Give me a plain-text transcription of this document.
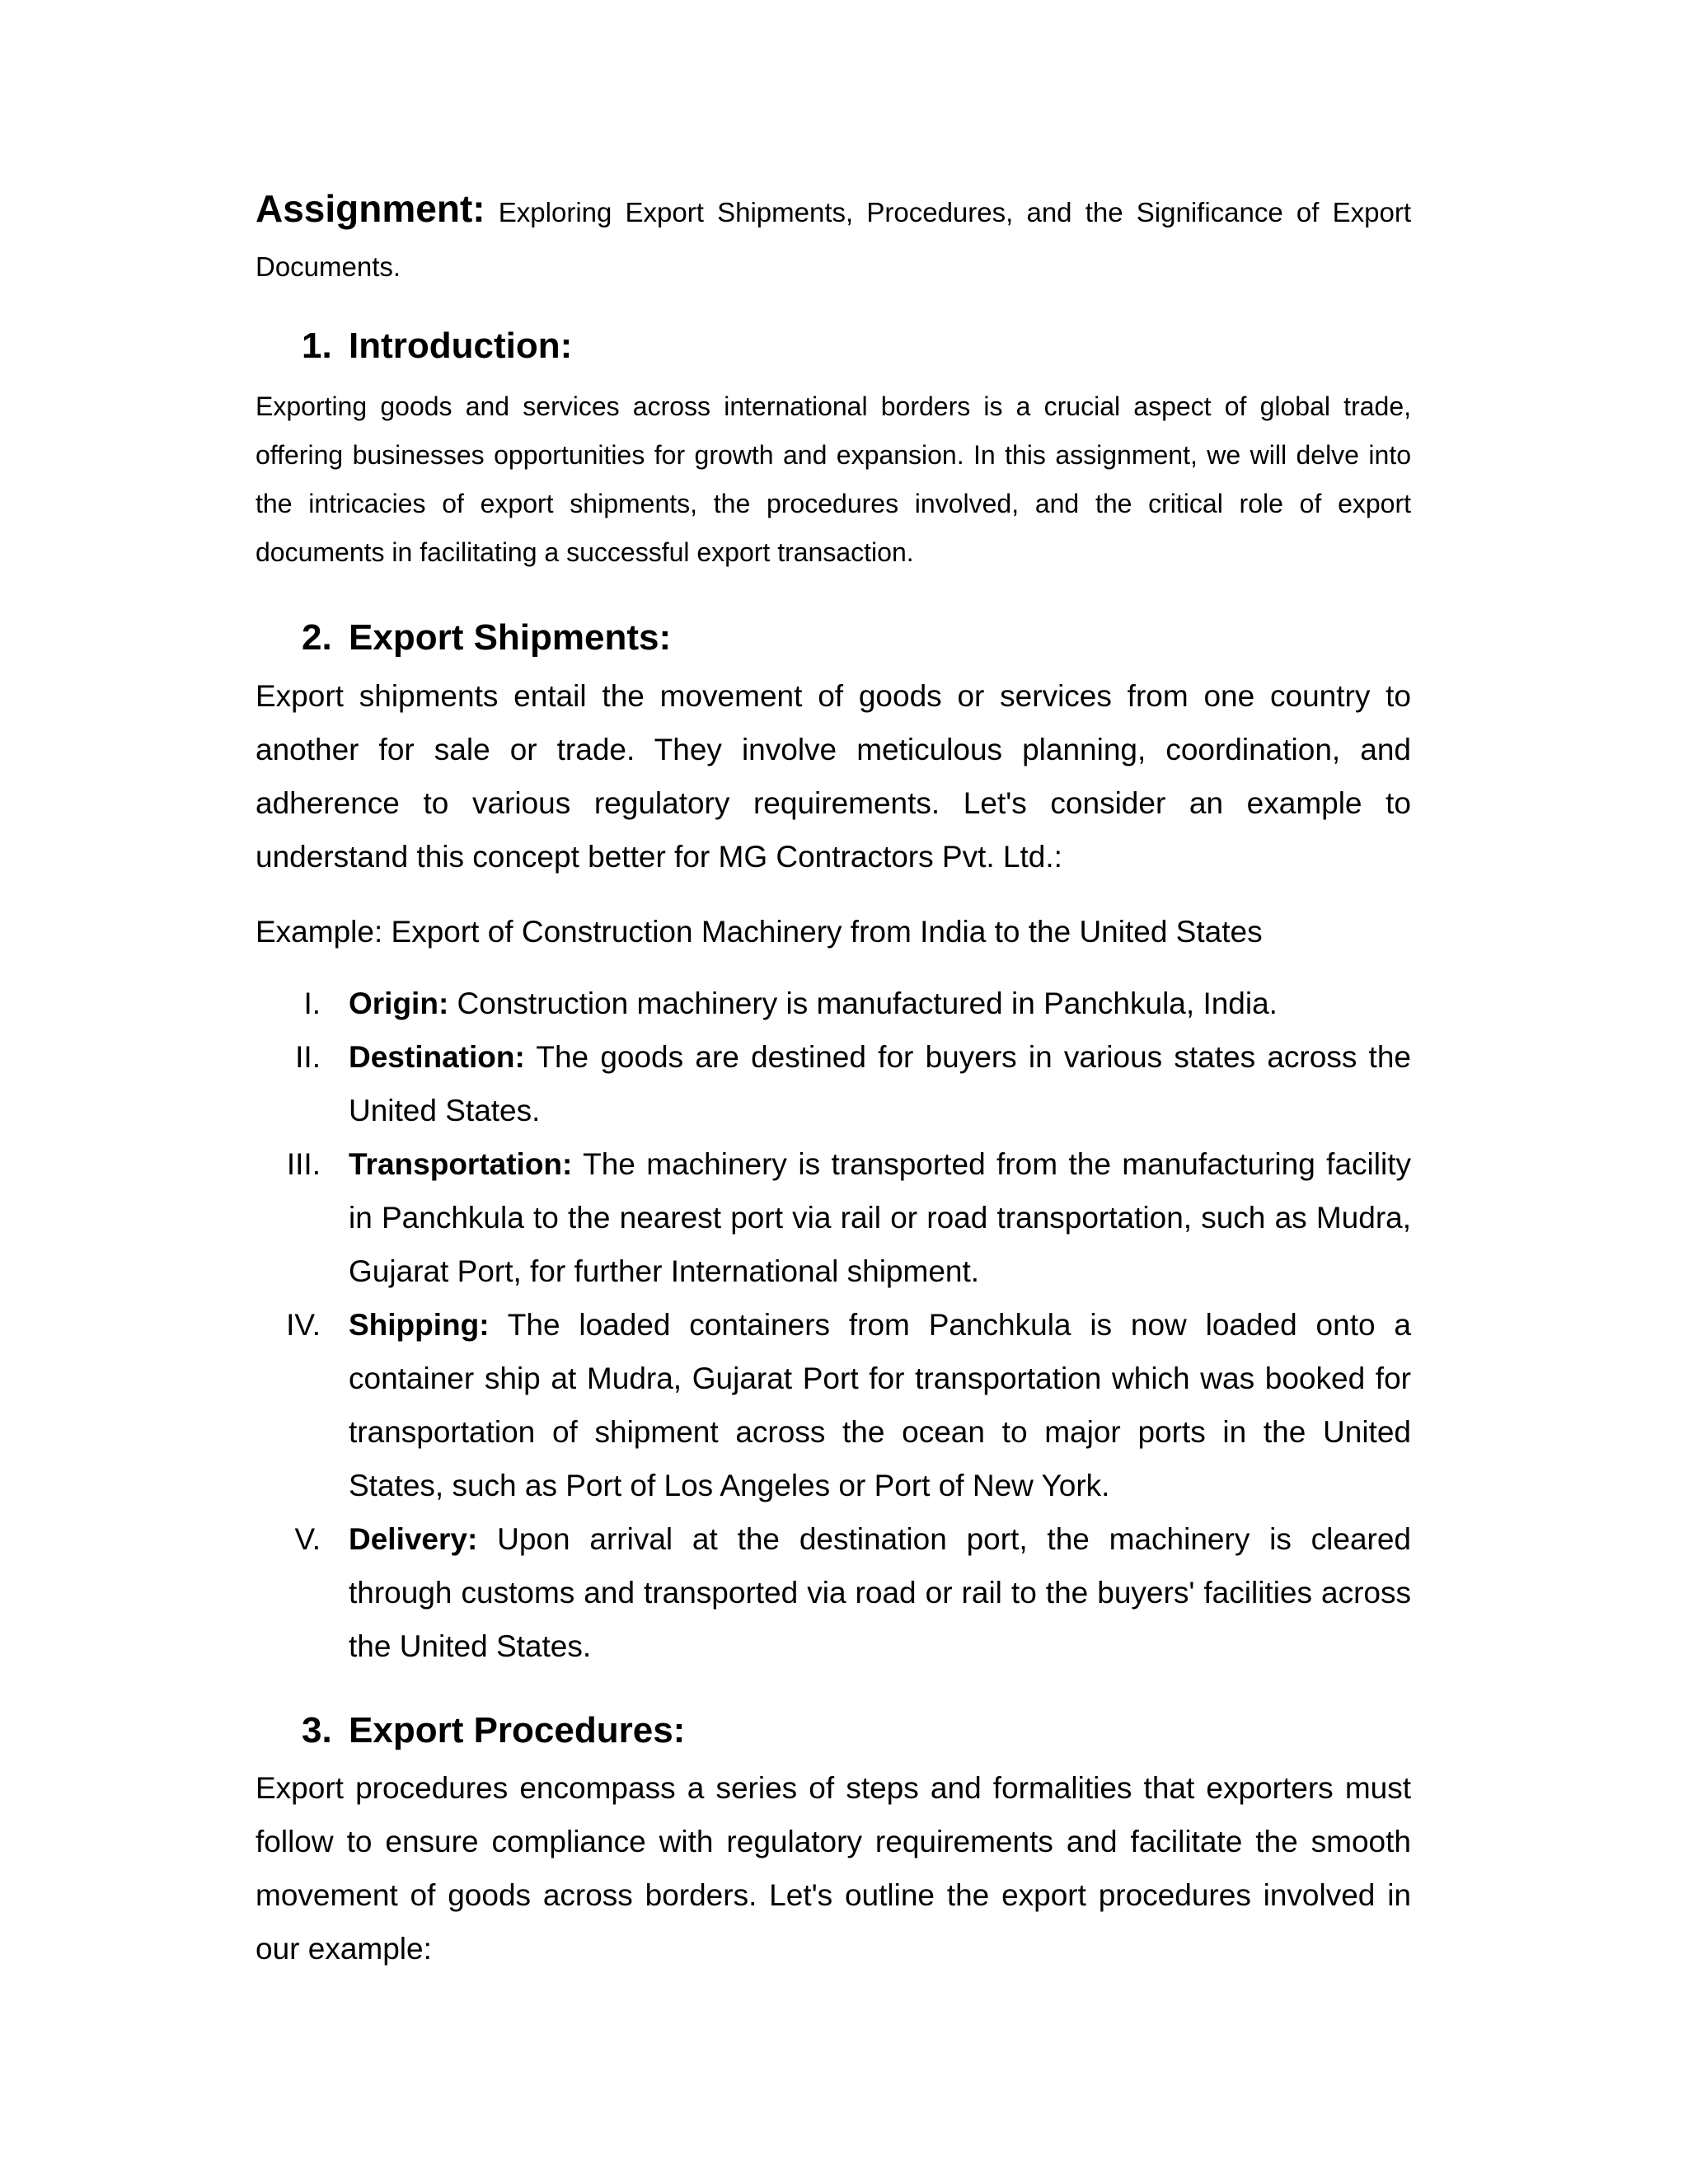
Assignment: Exploring Export Shipments, Procedures, and the Significance of Export Documents.
1. Introduction:

Exporting goods and services across international borders is a crucial aspect of global trade, offering businesses opportunities for growth and expansion. In this assignment, we will delve into the intricacies of export shipments, the procedures involved, and the critical role of export documents in facilitating a successful export transaction.

2. Export Shipments:

Export shipments entail the movement of goods or services from one country to another for sale or trade. They involve meticulous planning, coordination, and adherence to various regulatory requirements. Let's consider an example to understand this concept better for MG Contractors Pvt. Ltd.:

Example: Export of Construction Machinery from India to the United States
I. Origin: Construction machinery is manufactured in Panchkula, India.
II. Destination: The goods are destined for buyers in various states across the United States.
III. Transportation: The machinery is transported from the manufacturing facility in Panchkula to the nearest port via rail or road transportation, such as Mudra, Gujarat Port, for further International shipment.
IV. Shipping: The loaded containers from Panchkula is now loaded onto a container ship at Mudra, Gujarat Port for transportation which was booked for transportation of shipment across the ocean to major ports in the United States, such as Port of Los Angeles or Port of New York.
V. Delivery: Upon arrival at the destination port, the machinery is cleared through customs and transported via road or rail to the buyers' facilities across the United States.
3. Export Procedures:

Export procedures encompass a series of steps and formalities that exporters must follow to ensure compliance with regulatory requirements and facilitate the smooth movement of goods across borders. Let's outline the export procedures involved in our example:
